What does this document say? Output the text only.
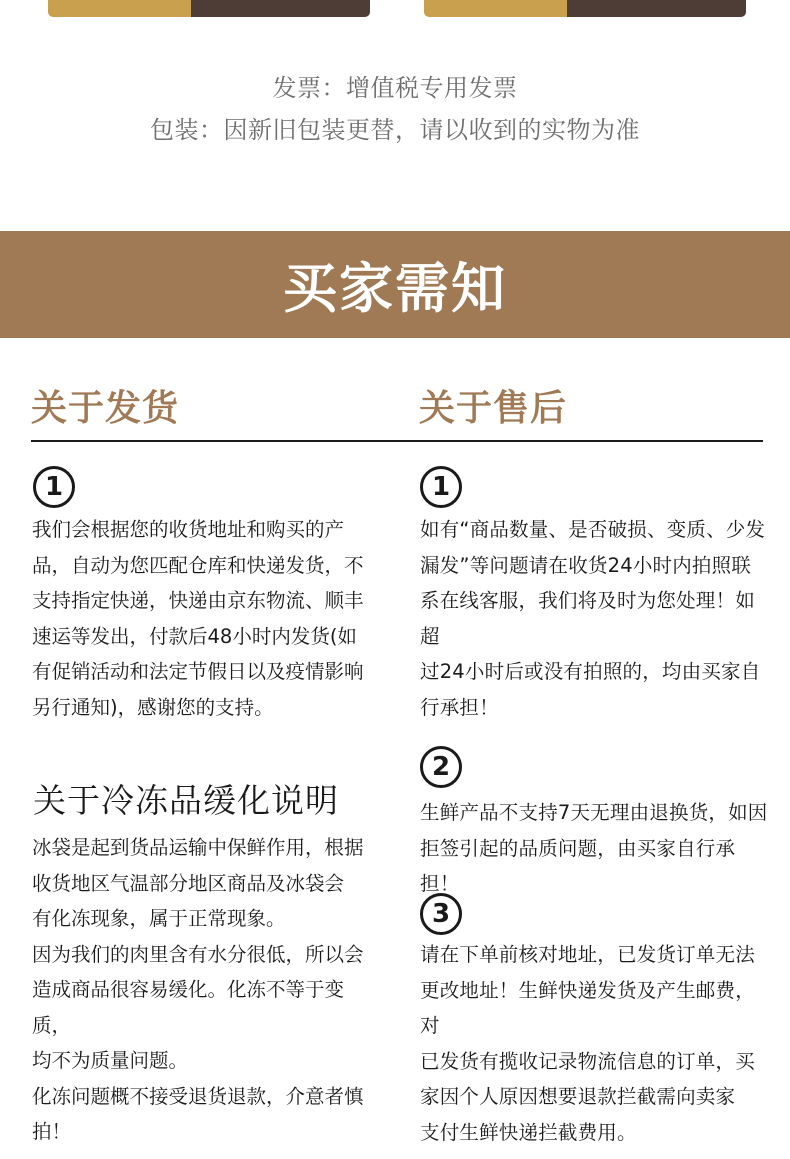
发票：增值税专用发票
包装：因新旧包装更替，请以收到的实物为准
买家需知
关于发货	关于售后
1
我们会根据您的收货地址和购买的产
品，自动为您匹配仓库和快递发货，不
支持指定快递，快递由京东物流、顺丰
速运等发出，付款后48小时内发货(如
有促销活动和法定节假日以及疫情影响
另行通知)，感谢您的支持。
关于冷冻品缓化说明
冰袋是起到货品运输中保鲜作用，根据
收货地区气温部分地区商品及冰袋会
有化冻现象，属于正常现象。
因为我们的肉里含有水分很低，所以会
造成商品很容易缓化。化冻不等于变质，
均不为质量问题。
化冻问题概不接受退货退款，介意者慎
拍！
1
如有“商品数量、是否破损、变质、少发
漏发”等问题请在收货24小时内拍照联
系在线客服，我们将及时为您处理！如超
过24小时后或没有拍照的，均由买家自
行承担！
2
生鲜产品不支持7天无理由退换货，如因
拒签引起的品质问题，由买家自行承担！
3
请在下单前核对地址，已发货订单无法
更改地址！生鲜快递发货及产生邮费，对
已发货有揽收记录物流信息的订单，买
家因个人原因想要退款拦截需向卖家
支付生鲜快递拦截费用。
